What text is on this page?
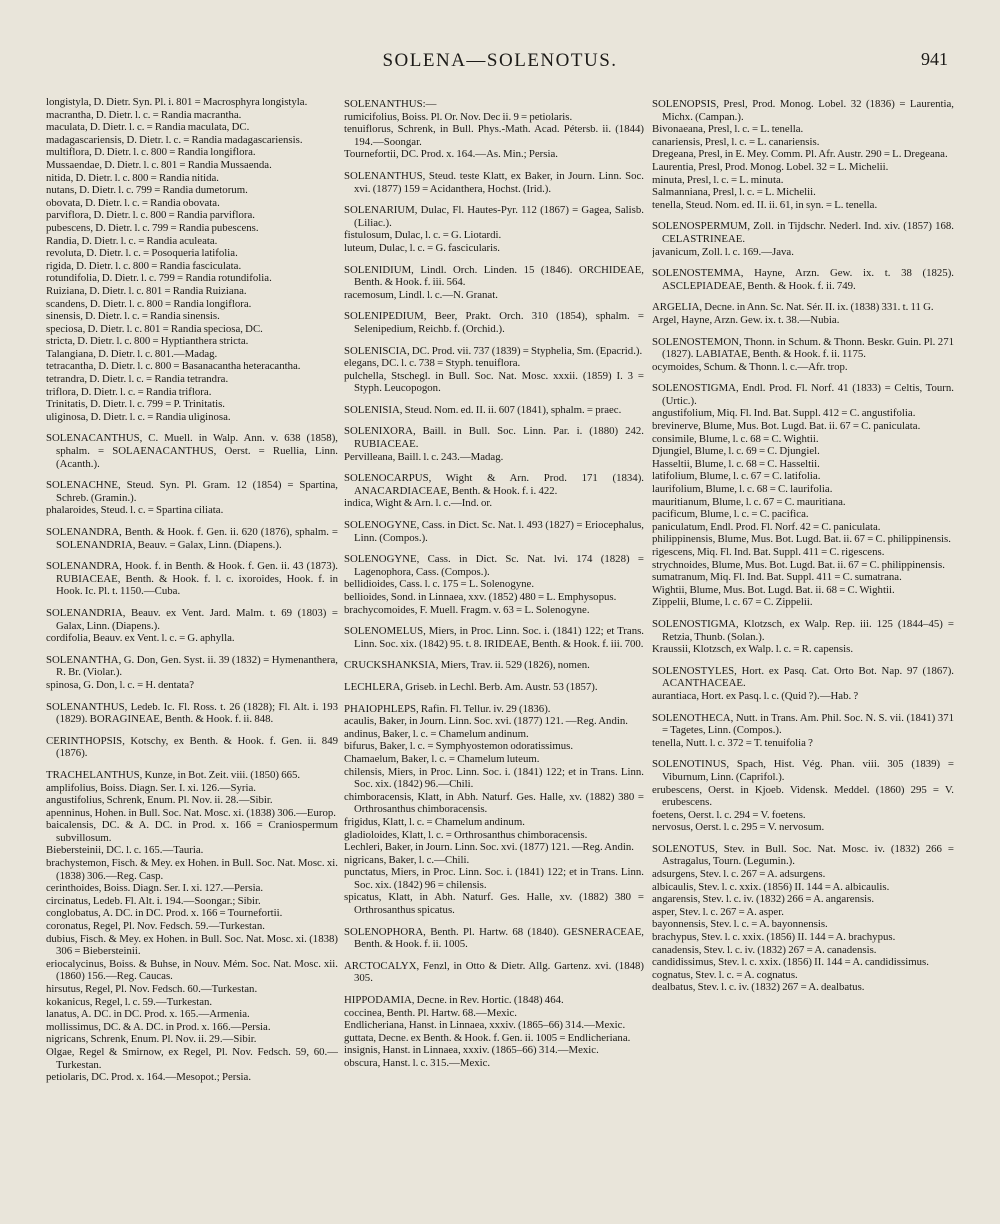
SOLENA—SOLENOTUS.	941

longistyla, D. Dietr. Syn. Pl. i. 801 = Macrosphyra longistyla.

macrantha, D. Dietr. l. c. = Randia macrantha.

maculata, D. Dietr. l. c. = Randia maculata, DC.

madagascariensis, D. Dietr. l. c. = Randia madagascariensis.

multiflora, D. Dietr. l. c. 800 = Randia longiflora.

Mussaendae, D. Dietr. l. c. 801 = Randia Mussaenda.

nitida, D. Dietr. l. c. 800 = Randia nitida.

nutans, D. Dietr. l. c. 799 = Randia dumetorum.

obovata, D. Dietr. l. c. = Randia obovata.

parviflora, D. Dietr. l. c. 800 = Randia parviflora.

pubescens, D. Dietr. l. c. 799 = Randia pubescens.

Randia, D. Dietr. l. c. = Randia aculeata.

revoluta, D. Dietr. l. c. = Posoqueria latifolia.

rigida, D. Dietr. l. c. 800 = Randia fasciculata.

rotundifolia, D. Dietr. l. c. 799 = Randia rotundifolia.

Ruiziana, D. Dietr. l. c. 801 = Randia Ruiziana.

scandens, D. Dietr. l. c. 800 = Randia longiflora.

sinensis, D. Dietr. l. c. = Randia sinensis.

speciosa, D. Dietr. l. c. 801 = Randia speciosa, DC.

stricta, D. Dietr. l. c. 800 = Hyptianthera stricta.

Talangiana, D. Dietr. l. c. 801.—Madag.

tetracantha, D. Dietr. l. c. 800 = Basanacantha heteracantha.

tetrandra, D. Dietr. l. c. = Randia tetrandra.

triflora, D. Dietr. l. c. = Randia triflora.

Trinitatis, D. Dietr. l. c. 799 = P. Trinitatis.

uliginosa, D. Dietr. l. c. = Randia uliginosa.

SOLENACANTHUS, C. Muell. in Walp. Ann. v. 638 (1858), sphalm. = SOLAENACANTHUS, Oerst. = Ruellia, Linn. (Acanth.).

SOLENACHNE, Steud. Syn. Pl. Gram. 12 (1854) = Spartina, Schreb. (Gramin.).

phalaroides, Steud. l. c. = Spartina ciliata.

SOLENANDRA, Benth. & Hook. f. Gen. ii. 620 (1876), sphalm. = SOLENANDRIA, Beauv. = Galax, Linn. (Diapens.).

SOLENANDRA, Hook. f. in Benth. & Hook. f. Gen. ii. 43 (1873). RUBIACEAE, Benth. & Hook. f. l. c. ixoroides, Hook. f. in Hook. Ic. Pl. t. 1150.—Cuba.

SOLENANDRIA, Beauv. ex Vent. Jard. Malm. t. 69 (1803) = Galax, Linn. (Diapens.).

cordifolia, Beauv. ex Vent. l. c. = G. aphylla.

SOLENANTHA, G. Don, Gen. Syst. ii. 39 (1832) = Hymenanthera, R. Br. (Violar.).

spinosa, G. Don, l. c. = H. dentata?

SOLENANTHUS, Ledeb. Ic. Fl. Ross. t. 26 (1828); Fl. Alt. i. 193 (1829). BORAGINEAE, Benth. & Hook. f. ii. 848.

CERINTHOPSIS, Kotschy, ex Benth. & Hook. f. Gen. ii. 849 (1876).

TRACHELANTHUS, Kunze, in Bot. Zeit. viii. (1850) 665.

amplifolius, Boiss. Diagn. Ser. I. xi. 126.—Syria.

angustifolius, Schrenk, Enum. Pl. Nov. ii. 28.—Sibir.

apenninus, Hohen. in Bull. Soc. Nat. Mosc. xi. (1838) 306.—Europ.

baicalensis, DC. & A. DC. in Prod. x. 166 = Craniospermum subvillosum.

Biebersteinii, DC. l. c. 165.—Tauria.

brachystemon, Fisch. & Mey. ex Hohen. in Bull. Soc. Nat. Mosc. xi. (1838) 306.—Reg. Casp.

cerinthoides, Boiss. Diagn. Ser. I. xi. 127.—Persia.

circinatus, Ledeb. Fl. Alt. i. 194.—Soongar.; Sibir.

conglobatus, A. DC. in DC. Prod. x. 166 = Tournefortii.

coronatus, Regel, Pl. Nov. Fedsch. 59.—Turkestan.

dubius, Fisch. & Mey. ex Hohen. in Bull. Soc. Nat. Mosc. xi. (1838) 306 = Biebersteinii.

eriocalycinus, Boiss. & Buhse, in Nouv. Mém. Soc. Nat. Mosc. xii. (1860) 156.—Reg. Caucas.

hirsutus, Regel, Pl. Nov. Fedsch. 60.—Turkestan.

kokanicus, Regel, l. c. 59.—Turkestan.

lanatus, A. DC. in DC. Prod. x. 165.—Armenia.

mollissimus, DC. & A. DC. in Prod. x. 166.—Persia.

nigricans, Schrenk, Enum. Pl. Nov. ii. 29.—Sibir.

Olgae, Regel & Smirnow, ex Regel, Pl. Nov. Fedsch. 59, 60.—Turkestan.

petiolaris, DC. Prod. x. 164.—Mesopot.; Persia.

SOLENANTHUS:—

rumicifolius, Boiss. Pl. Or. Nov. Dec ii. 9 = petiolaris.

tenuiflorus, Schrenk, in Bull. Phys.-Math. Acad. Pétersb. ii. (1844) 194.—Soongar.

Tournefortii, DC. Prod. x. 164.—As. Min.; Persia.

SOLENANTHUS, Steud. teste Klatt, ex Baker, in Journ. Linn. Soc. xvi. (1877) 159 = Acidanthera, Hochst. (Irid.).

SOLENARIUM, Dulac, Fl. Hautes-Pyr. 112 (1867) = Gagea, Salisb. (Liliac.).

fistulosum, Dulac, l. c. = G. Liotardi.

luteum, Dulac, l. c. = G. fascicularis.

SOLENIDIUM, Lindl. Orch. Linden. 15 (1846). ORCHIDEAE, Benth. & Hook. f. iii. 564.

racemosum, Lindl. l. c.—N. Granat.

SOLENIPEDIUM, Beer, Prakt. Orch. 310 (1854), sphalm. = Selenipedium, Reichb. f. (Orchid.).

SOLENISCIA, DC. Prod. vii. 737 (1839) = Styphelia, Sm. (Epacrid.).

elegans, DC. l. c. 738 = Styph. tenuiflora.

pulchella, Stschegl. in Bull. Soc. Nat. Mosc. xxxii. (1859) I. 3 = Styph. Leucopogon.

SOLENISIA, Steud. Nom. ed. II. ii. 607 (1841), sphalm. = praec.

SOLENIXORA, Baill. in Bull. Soc. Linn. Par. i. (1880) 242. RUBIACEAE.

Pervilleana, Baill. l. c. 243.—Madag.

SOLENOCARPUS, Wight & Arn. Prod. 171 (1834). ANACARDIACEAE, Benth. & Hook. f. i. 422.

indica, Wight & Arn. l. c.—Ind. or.

SOLENOGYNE, Cass. in Dict. Sc. Nat. l. 493 (1827) = Eriocephalus, Linn. (Compos.).

SOLENOGYNE, Cass. in Dict. Sc. Nat. lvi. 174 (1828) = Lagenophora, Cass. (Compos.).

bellidioides, Cass. l. c. 175 = L. Solenogyne.

bellioides, Sond. in Linnaea, xxv. (1852) 480 = L. Emphysopus.

brachycomoides, F. Muell. Fragm. v. 63 = L. Solenogyne.

SOLENOMELUS, Miers, in Proc. Linn. Soc. i. (1841) 122; et Trans. Linn. Soc. xix. (1842) 95. t. 8. IRIDEAE, Benth. & Hook. f. iii. 700.

CRUCKSHANKSIA, Miers, Trav. ii. 529 (1826), nomen.

LECHLERA, Griseb. in Lechl. Berb. Am. Austr. 53 (1857).

PHAIOPHLEPS, Rafin. Fl. Tellur. iv. 29 (1836).

acaulis, Baker, in Journ. Linn. Soc. xvi. (1877) 121. —Reg. Andin.

andinus, Baker, l. c. = Chamelum andinum.

bifurus, Baker, l. c. = Symphyostemon odoratissimus.

Chamaelum, Baker, l. c. = Chamelum luteum.

chilensis, Miers, in Proc. Linn. Soc. i. (1841) 122; et in Trans. Linn. Soc. xix. (1842) 96.—Chili.

chimboracensis, Klatt, in Abh. Naturf. Ges. Halle, xv. (1882) 380 = Orthrosanthus chimboracensis.

frigidus, Klatt, l. c. = Chamelum andinum.

gladioloides, Klatt, l. c. = Orthrosanthus chimboracensis.

Lechleri, Baker, in Journ. Linn. Soc. xvi. (1877) 121. —Reg. Andin.

nigricans, Baker, l. c.—Chili.

punctatus, Miers, in Proc. Linn. Soc. i. (1841) 122; et in Trans. Linn. Soc. xix. (1842) 96 = chilensis.

spicatus, Klatt, in Abh. Naturf. Ges. Halle, xv. (1882) 380 = Orthrosanthus spicatus.

SOLENOPHORA, Benth. Pl. Hartw. 68 (1840). GESNERACEAE, Benth. & Hook. f. ii. 1005.

ARCTOCALYX, Fenzl, in Otto & Dietr. Allg. Gartenz. xvi. (1848) 305.

HIPPODAMIA, Decne. in Rev. Hortic. (1848) 464.

coccinea, Benth. Pl. Hartw. 68.—Mexic.

Endlicheriana, Hanst. in Linnaea, xxxiv. (1865–66) 314.—Mexic.

guttata, Decne. ex Benth. & Hook. f. Gen. ii. 1005 = Endlicheriana.

insignis, Hanst. in Linnaea, xxxiv. (1865–66) 314.—Mexic.

obscura, Hanst. l. c. 315.—Mexic.

SOLENOPSIS, Presl, Prod. Monog. Lobel. 32 (1836) = Laurentia, Michx. (Campan.).

Bivonaeana, Presl, l. c. = L. tenella.

canariensis, Presl, l. c. = L. canariensis.

Dregeana, Presl, in E. Mey. Comm. Pl. Afr. Austr. 290 = L. Dregeana.

Laurentia, Presl, Prod. Monog. Lobel. 32 = L. Michelii.

minuta, Presl, l. c. = L. minuta.

Salmanniana, Presl, l. c. = L. Michelii.

tenella, Steud. Nom. ed. II. ii. 61, in syn. = L. tenella.

SOLENOSPERMUM, Zoll. in Tijdschr. Nederl. Ind. xiv. (1857) 168. CELASTRINEAE.

javanicum, Zoll. l. c. 169.—Java.

SOLENOSTEMMA, Hayne, Arzn. Gew. ix. t. 38 (1825). ASCLEPIADEAE, Benth. & Hook. f. ii. 749.

ARGELIA, Decne. in Ann. Sc. Nat. Sér. II. ix. (1838) 331. t. 11 G.

Argel, Hayne, Arzn. Gew. ix. t. 38.—Nubia.

SOLENOSTEMON, Thonn. in Schum. & Thonn. Beskr. Guin. Pl. 271 (1827). LABIATAE, Benth. & Hook. f. ii. 1175.

ocymoides, Schum. & Thonn. l. c.—Afr. trop.

SOLENOSTIGMA, Endl. Prod. Fl. Norf. 41 (1833) = Celtis, Tourn. (Urtic.).

angustifolium, Miq. Fl. Ind. Bat. Suppl. 412 = C. angustifolia.

brevinerve, Blume, Mus. Bot. Lugd. Bat. ii. 67 = C. paniculata.

consimile, Blume, l. c. 68 = C. Wightii.

Djungiel, Blume, l. c. 69 = C. Djungiel.

Hasseltii, Blume, l. c. 68 = C. Hasseltii.

latifolium, Blume, l. c. 67 = C. latifolia.

laurifolium, Blume, l. c. 68 = C. laurifolia.

mauritianum, Blume, l. c. 67 = C. mauritiana.

pacificum, Blume, l. c. = C. pacifica.

paniculatum, Endl. Prod. Fl. Norf. 42 = C. paniculata.

philippinensis, Blume, Mus. Bot. Lugd. Bat. ii. 67 = C. philippinensis.

rigescens, Miq. Fl. Ind. Bat. Suppl. 411 = C. rigescens.

strychnoides, Blume, Mus. Bot. Lugd. Bat. ii. 67 = C. philippinensis.

sumatranum, Miq. Fl. Ind. Bat. Suppl. 411 = C. sumatrana.

Wightii, Blume, Mus. Bot. Lugd. Bat. ii. 68 = C. Wightii.

Zippelii, Blume, l. c. 67 = C. Zippelii.

SOLENOSTIGMA, Klotzsch, ex Walp. Rep. iii. 125 (1844–45) = Retzia, Thunb. (Solan.).

Kraussii, Klotzsch, ex Walp. l. c. = R. capensis.

SOLENOSTYLES, Hort. ex Pasq. Cat. Orto Bot. Nap. 97 (1867). ACANTHACEAE.

aurantiaca, Hort. ex Pasq. l. c. (Quid ?).—Hab. ?

SOLENOTHECA, Nutt. in Trans. Am. Phil. Soc. N. S. vii. (1841) 371 = Tagetes, Linn. (Compos.).

tenella, Nutt. l. c. 372 = T. tenuifolia ?

SOLENOTINUS, Spach, Hist. Vég. Phan. viii. 305 (1839) = Viburnum, Linn. (Caprifol.).

erubescens, Oerst. in Kjoeb. Vidensk. Meddel. (1860) 295 = V. erubescens.

foetens, Oerst. l. c. 294 = V. foetens.

nervosus, Oerst. l. c. 295 = V. nervosum.

SOLENOTUS, Stev. in Bull. Soc. Nat. Mosc. iv. (1832) 266 = Astragalus, Tourn. (Legumin.).

adsurgens, Stev. l. c. 267 = A. adsurgens.

albicaulis, Stev. l. c. xxix. (1856) II. 144 = A. albicaulis.

angarensis, Stev. l. c. iv. (1832) 266 = A. angarensis.

asper, Stev. l. c. 267 = A. asper.

bayonnensis, Stev. l. c. = A. bayonnensis.

brachypus, Stev. l. c. xxix. (1856) II. 144 = A. brachypus.

canadensis, Stev. l. c. iv. (1832) 267 = A. canadensis.

candidissimus, Stev. l. c. xxix. (1856) II. 144 = A. candidissimus.

cognatus, Stev. l. c. = A. cognatus.

dealbatus, Stev. l. c. iv. (1832) 267 = A. dealbatus.
